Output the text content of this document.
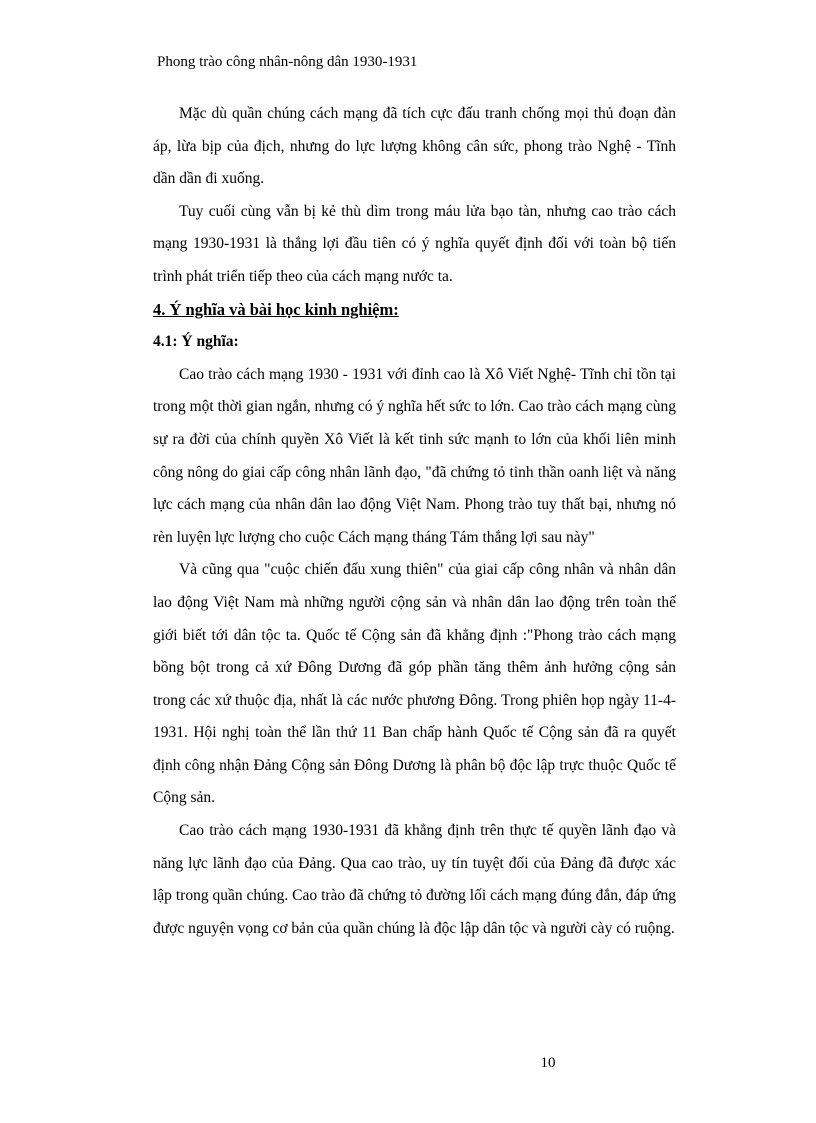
Phong trào công nhân-nông dân 1930-1931

Mặc dù quần chúng cách mạng đã tích cực đấu tranh chống mọi thủ đoạn đàn áp, lừa bịp của địch, nhưng do lực lượng không cân sức, phong trào Nghệ - Tĩnh dần dần đi xuống.

Tuy cuối cùng vẫn bị kẻ thù dìm trong máu lửa bạo tàn, nhưng cao trào cách mạng 1930-1931 là thắng lợi đầu tiên có ý nghĩa quyết định đối với toàn bộ tiến trình phát triển tiếp theo của cách mạng nước ta.

4. Ý nghĩa và bài học kinh nghiệm:
4.1: Ý nghĩa:

Cao trào cách mạng 1930 - 1931 với đỉnh cao là Xô Viết Nghệ- Tĩnh chỉ tồn tại trong một thời gian ngắn, nhưng có ý nghĩa hết sức to lớn. Cao trào cách mạng cùng sự ra đời của chính quyền Xô Viết là kết tinh sức mạnh to lớn của khối liên minh công nông do giai cấp công nhân lãnh đạo, "đã chứng tỏ tinh thần oanh liệt và năng lực cách mạng của nhân dân lao động Việt Nam. Phong trào tuy thất bại, nhưng nó rèn luyện lực lượng cho cuộc Cách mạng tháng Tám thắng lợi sau này"

Và cũng qua "cuộc chiến đấu xung thiên" của giai cấp công nhân và nhân dân lao động Việt Nam mà những người cộng sản và nhân dân lao động trên toàn thế giới biết tới dân tộc ta. Quốc tế Cộng sản đã khẳng định :"Phong trào cách mạng bồng bột trong cả xứ Đông Dương đã góp phần tăng thêm ảnh hưởng cộng sản trong các xứ thuộc địa, nhất là các nước phương Đông. Trong phiên họp ngày 11-4-1931. Hội nghị toàn thể lần thứ 11 Ban chấp hành Quốc tế Cộng sản đã ra quyết định công nhận Đảng Cộng sản Đông Dương là phân bộ độc lập trực thuộc Quốc tế Cộng sản.

Cao trào cách mạng 1930-1931 đã khẳng định trên thực tế quyền lãnh đạo và năng lực lãnh đạo của Đảng. Qua cao trào, uy tín tuyệt đối của Đảng đã được xác lập trong quần chúng. Cao trào đã chứng tỏ đường lối cách mạng đúng đắn, đáp ứng được nguyện vọng cơ bản của quần chúng là độc lập dân tộc và người cày có ruộng.

10
